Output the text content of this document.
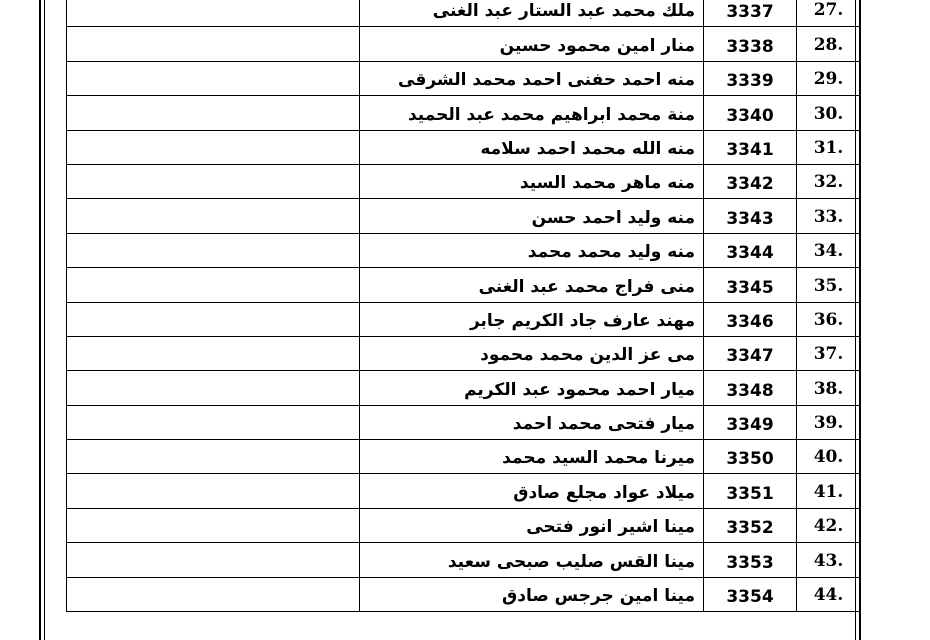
27.	3337	ملك محمد عبد الستار عبد الغنى	
28.	3338	منار امين محمود حسين	
29.	3339	منه احمد حفنى احمد محمد الشرقى	
30.	3340	منة محمد ابراهيم محمد عبد الحميد	
31.	3341	منه الله محمد احمد سلامه	
32.	3342	منه ماهر محمد السيد	
33.	3343	منه وليد احمد حسن	
34.	3344	منه وليد محمد محمد	
35.	3345	منى فراج محمد عبد الغنى	
36.	3346	مهند عارف جاد الكريم جابر	
37.	3347	مى عز الدين محمد محمود	
38.	3348	ميار احمد محمود عبد الكريم	
39.	3349	ميار فتحى محمد احمد	
40.	3350	ميرنا محمد السيد محمد	
41.	3351	ميلاد عواد مجلع صادق	
42.	3352	مينا اشير انور فتحى	
43.	3353	مينا القس صليب صبحى سعيد	
44.	3354	مينا امين جرجس صادق	
